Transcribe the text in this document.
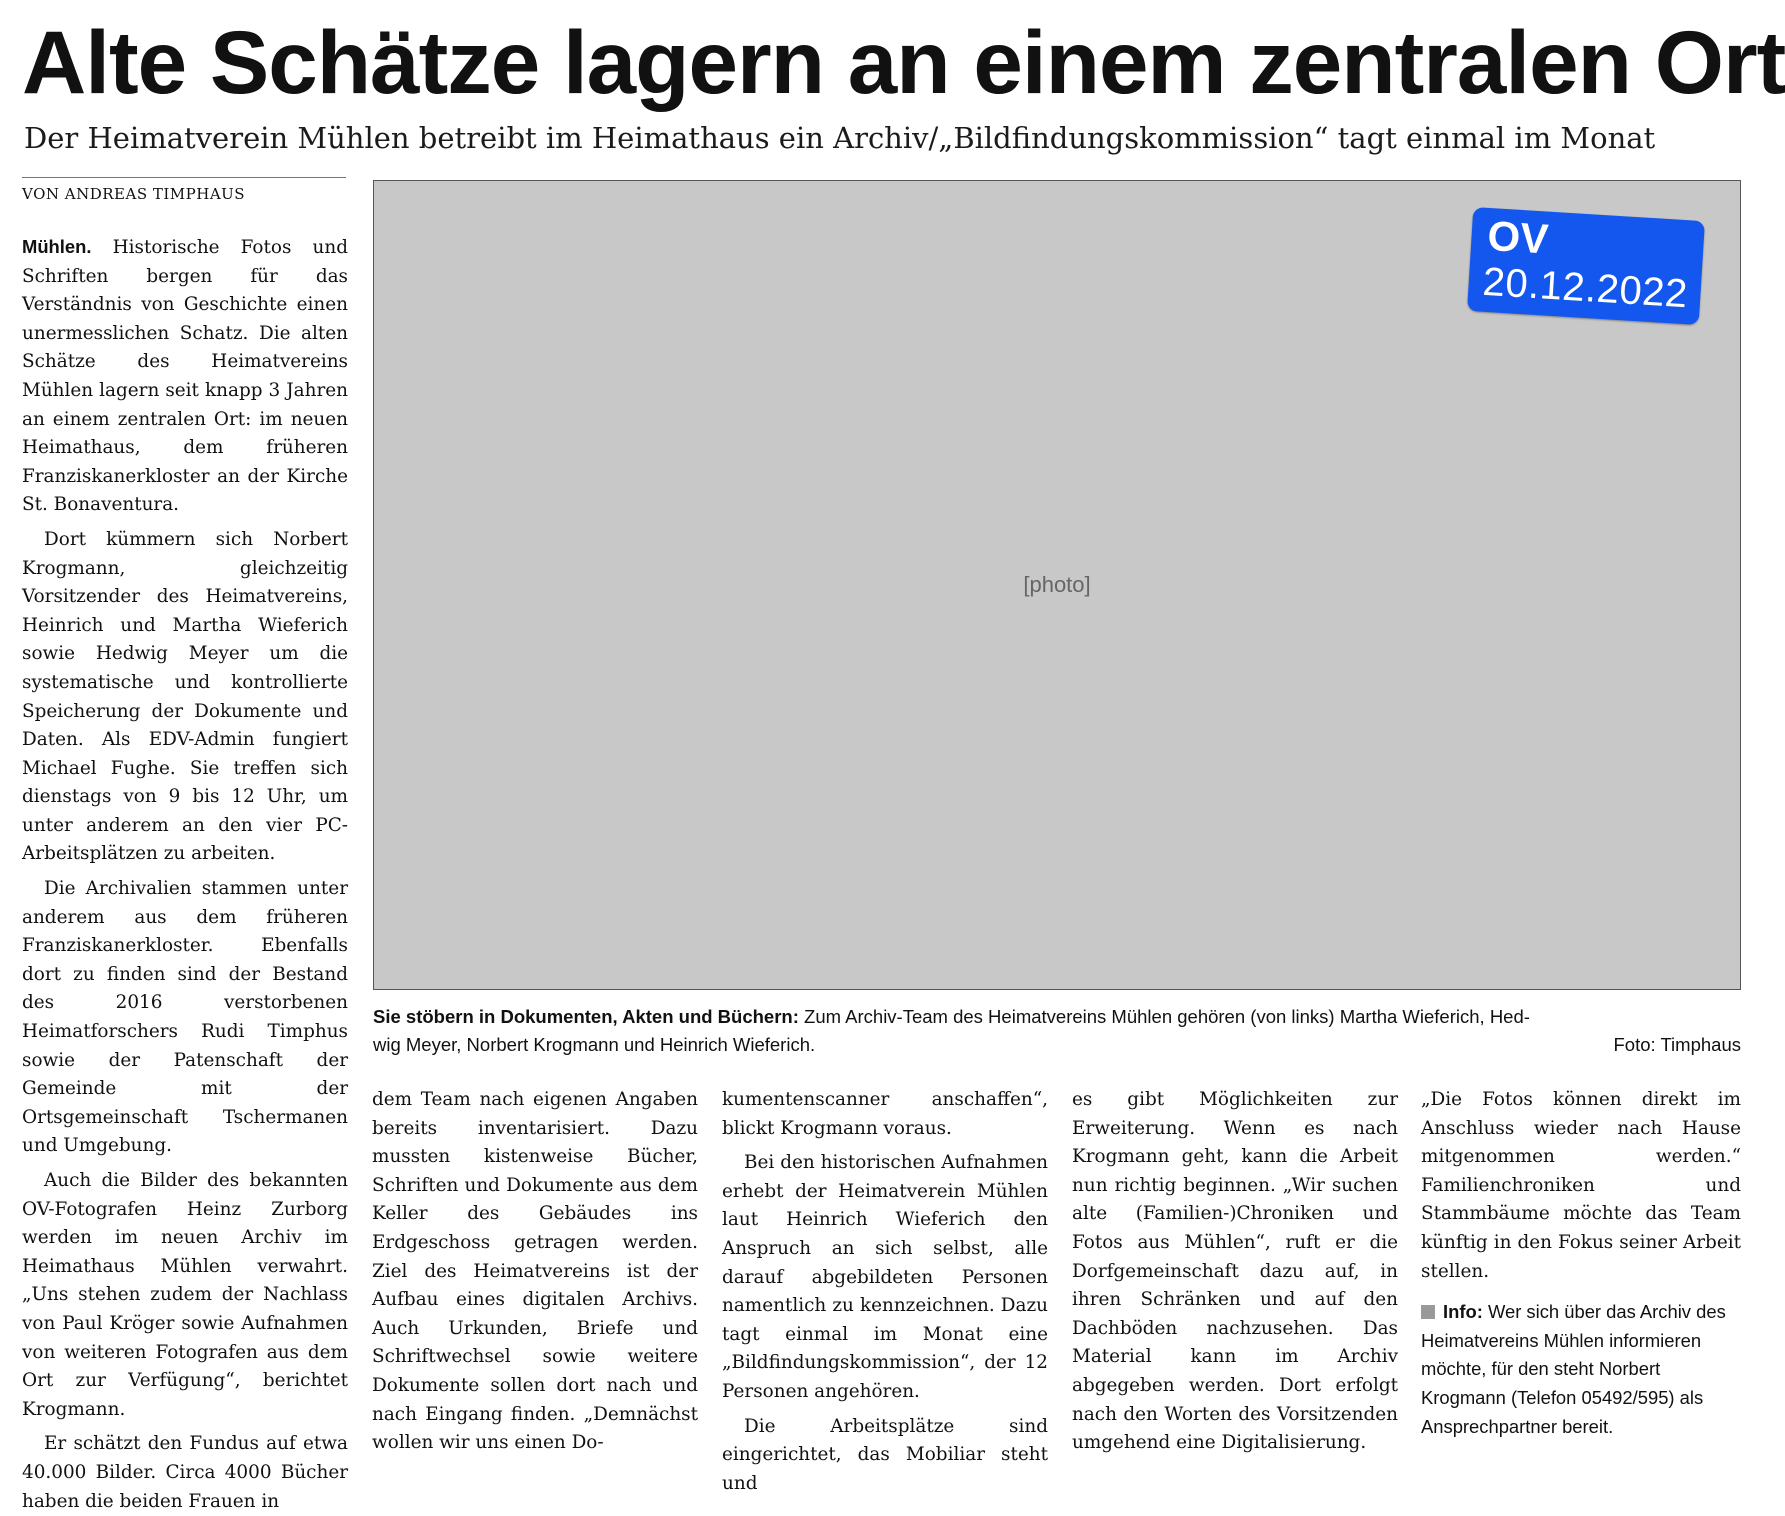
Alte Schätze lagern an einem zentralen Ort
Der Heimatverein Mühlen betreibt im Heimathaus ein Archiv/„Bildfindungskommission“ tagt einmal im Monat
VON ANDREAS TIMPHAUS

Mühlen. Historische Fotos und Schriften bergen für das Verständnis von Geschichte einen unermesslichen Schatz. Die alten Schätze des Heimatvereins Mühlen lagern seit knapp 3 Jahren an einem zentralen Ort: im neuen Heimathaus, dem früheren Franziskanerkloster an der Kirche St. Bonaventura.

Dort kümmern sich Norbert Krogmann, gleichzeitig Vorsitzender des Heimatvereins, Heinrich und Martha Wieferich sowie Hedwig Meyer um die systematische und kontrollierte Speicherung der Dokumente und Daten. Als EDV-Admin fungiert Michael Fughe. Sie treffen sich dienstags von 9 bis 12 Uhr, um unter anderem an den vier PC-Arbeitsplätzen zu arbeiten.

Die Archivalien stammen unter anderem aus dem früheren Franziskanerkloster. Ebenfalls dort zu finden sind der Bestand des 2016 verstorbenen Heimatforschers Rudi Timphus sowie der Patenschaft der Gemeinde mit der Ortsgemeinschaft Tschermanen und Umgebung.

Auch die Bilder des bekannten OV-Fotografen Heinz Zurborg werden im neuen Archiv im Heimathaus Mühlen verwahrt. „Uns stehen zudem der Nachlass von Paul Kröger sowie Aufnahmen von weiteren Fotografen aus dem Ort zur Verfügung“, berichtet Krogmann.

Er schätzt den Fundus auf etwa 40.000 Bilder. Circa 4000 Bücher haben die beiden Frauen in

[photo]
OV
20.12.2022
Sie stöbern in Dokumenten, Akten und Büchern: Zum Archiv-Team des Heimatvereins Mühlen gehören (von links) Martha Wieferich, Hed-
wig Meyer, Norbert Krogmann und Heinrich Wieferich.	Foto: Timphaus

dem Team nach eigenen Angaben bereits inventarisiert. Dazu mussten kistenweise Bücher, Schriften und Dokumente aus dem Keller des Gebäudes ins Erdgeschoss getragen werden. Ziel des Heimatvereins ist der Aufbau eines digitalen Archivs. Auch Urkunden, Briefe und Schriftwechsel sowie weitere Dokumente sollen dort nach und nach Eingang finden. „Demnächst wollen wir uns einen Do-

kumentenscanner anschaffen“, blickt Krogmann voraus.

Bei den historischen Aufnahmen erhebt der Heimatverein Mühlen laut Heinrich Wieferich den Anspruch an sich selbst, alle darauf abgebildeten Personen namentlich zu kennzeichnen. Dazu tagt einmal im Monat eine „Bildfindungskommission“, der 12 Personen angehören.

Die Arbeitsplätze sind eingerichtet, das Mobiliar steht und

es gibt Möglichkeiten zur Erweiterung. Wenn es nach Krogmann geht, kann die Arbeit nun richtig beginnen. „Wir suchen alte (Familien-)Chroniken und Fotos aus Mühlen“, ruft er die Dorfgemeinschaft dazu auf, in ihren Schränken und auf den Dachböden nachzusehen. Das Material kann im Archiv abgegeben werden. Dort erfolgt nach den Worten des Vorsitzenden umgehend eine Digitalisierung.

„Die Fotos können direkt im Anschluss wieder nach Hause mitgenommen werden.“ Familienchroniken und Stammbäume möchte das Team künftig in den Fokus seiner Arbeit stellen.

Info: Wer sich über das Archiv des Heimatvereins Mühlen informieren möchte, für den steht Norbert Krogmann (Telefon 05492/595) als Ansprechpartner bereit.
